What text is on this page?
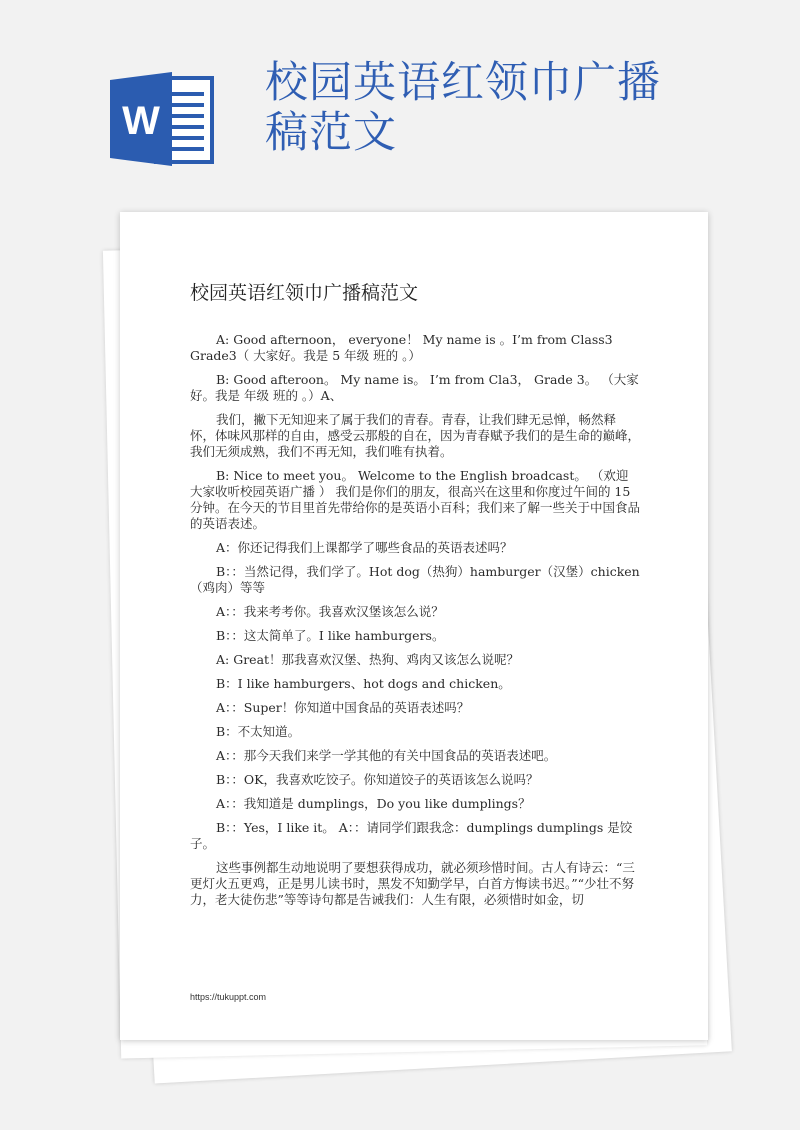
W
校园英语红领巾广播稿范文
校园英语红领巾广播稿范文

A: Good afternoon， everyone！ My name is 。I’m from Class3 Grade3（ 大家好。我是 5 年级 班的 。）

B: Good afteroon。 My name is。 I’m from Cla3， Grade 3。 （大家好。我是 年级 班的 。）A、

我们，撇下无知迎来了属于我们的青春。青春，让我们肆无忌惮，畅然释怀，体味风那样的自由，感受云那般的自在，因为青春赋予我们的是生命的巅峰，我们无须成熟，我们不再无知，我们唯有执着。

B: Nice to meet you。 Welcome to the English broadcast。 （欢迎大家收听校园英语广播 ） 我们是你们的朋友，很高兴在这里和你度过午间的 15 分钟。在今天的节目里首先带给你的是英语小百科；我们来了解一些关于中国食品的英语表述。

A：你还记得我们上课都学了哪些食品的英语表述吗？

B：：当然记得，我们学了。Hot dog（热狗）hamburger（汉堡）chicken（鸡肉）等等

A：：我来考考你。我喜欢汉堡该怎么说？

B：：这太简单了。I like hamburgers。

A: Great！那我喜欢汉堡、热狗、鸡肉又该怎么说呢？

B：I like hamburgers、hot dogs and chicken。

A：：Super！你知道中国食品的英语表述吗？

B：不太知道。

A：：那今天我们来学一学其他的有关中国食品的英语表述吧。

B：：OK，我喜欢吃饺子。你知道饺子的英语该怎么说吗？

A：：我知道是 dumplings，Do you like dumplings？

B：：Yes，I like it。 A：：请同学们跟我念：dumplings dumplings 是饺子。

这些事例都生动地说明了要想获得成功，就必须珍惜时间。古人有诗云：“三更灯火五更鸡，正是男儿读书时，黑发不知勤学早，白首方悔读书迟。”“少壮不努力，老大徒伤悲”等等诗句都是告诫我们：人生有限，必须惜时如金，切

https://tukuppt.com
